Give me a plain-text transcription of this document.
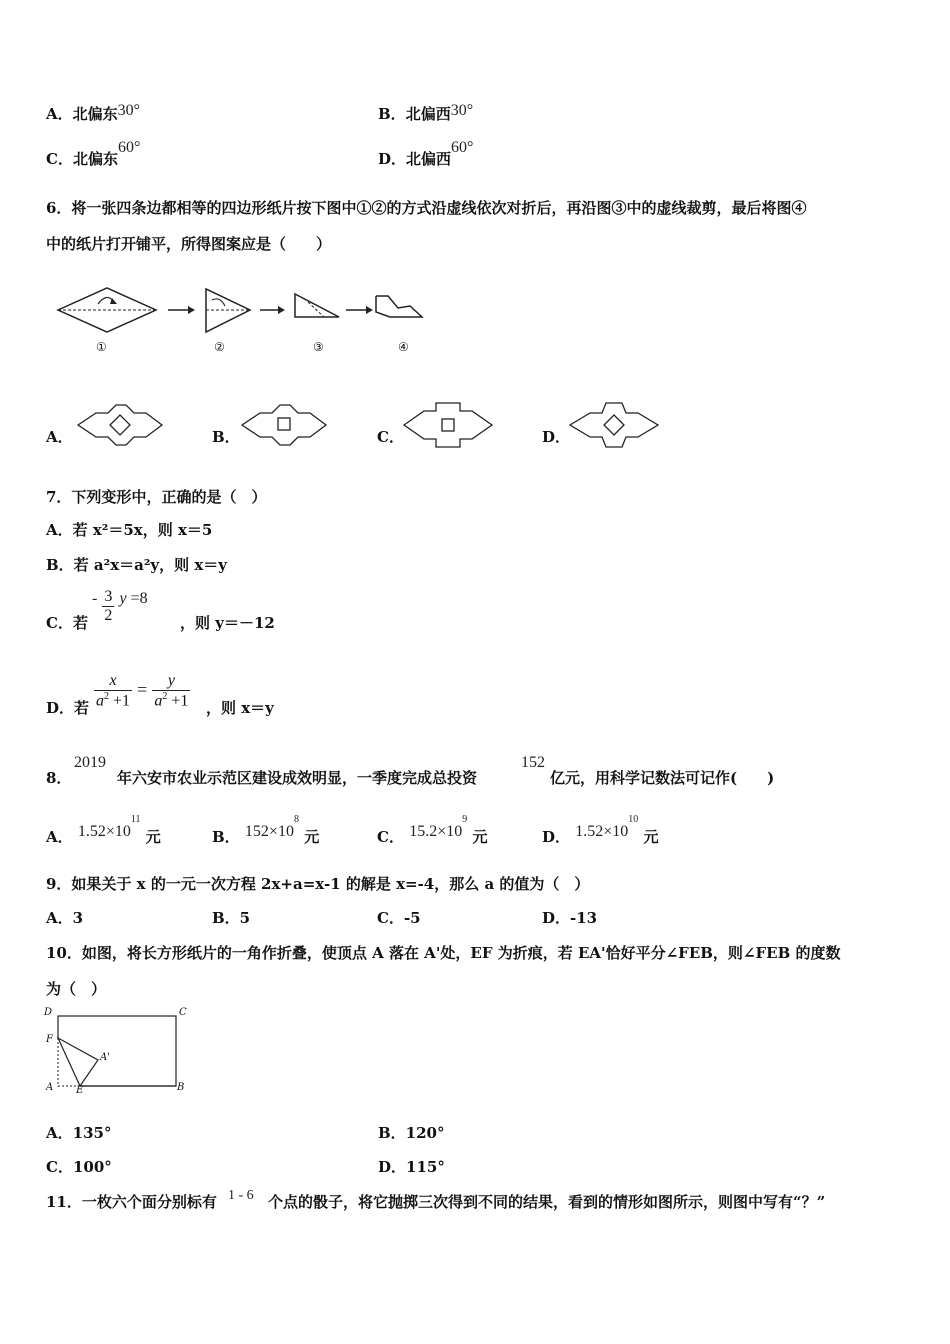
A．北偏东30°	B．北偏西30°
C．北偏东60°
D．北偏西60°
6．将一张四条边都相等的四边形纸片按下图中①②的方式沿虚线依次对折后，再沿图③中的虚线裁剪，最后将图④
中的纸片打开铺平，所得图案应是（　　）
①	②	③	④
A．	B．	C．	D．
7．下列变形中，正确的是（　）
A．若 x²＝5x，则 x＝5
B．若 a²x＝a²y，则 x＝y
C．若
- $\frac{3}{2}$ y =8
，则 y＝－12
D．若 $\frac{x}{a^2 +1} = \frac{y}{a^2 +1}$ ，则 x＝y
8．
2019
年六安市农业示范区建设成效明显，一季度完成总投资
152
亿元，用科学记数法可记作(　　)
A． $1.52\times 10^{11}$ 元	B． $152\times 10^8$ 元	C． $15.2\times 10^9$ 元	D． $1.52\times 10^{10}$ 元
9．如果关于 x 的一元一次方程 2x+a=x-1 的解是 x=-4，那么 a 的值为（　）
A．3	B．5	C．-5	D．-13
10．如图，将长方形纸片的一角作折叠，使顶点 A 落在 A'处，EF 为折痕，若 EA'恰好平分∠FEB，则∠FEB 的度数
为（　）
D	C
F
A'
A E	B
A．135°	B．120°
C．100°	D．115°
11．一枚六个面分别标有 1 - 6 个点的骰子，将它抛掷三次得到不同的结果，看到的情形如图所示，则图中写有“？”
